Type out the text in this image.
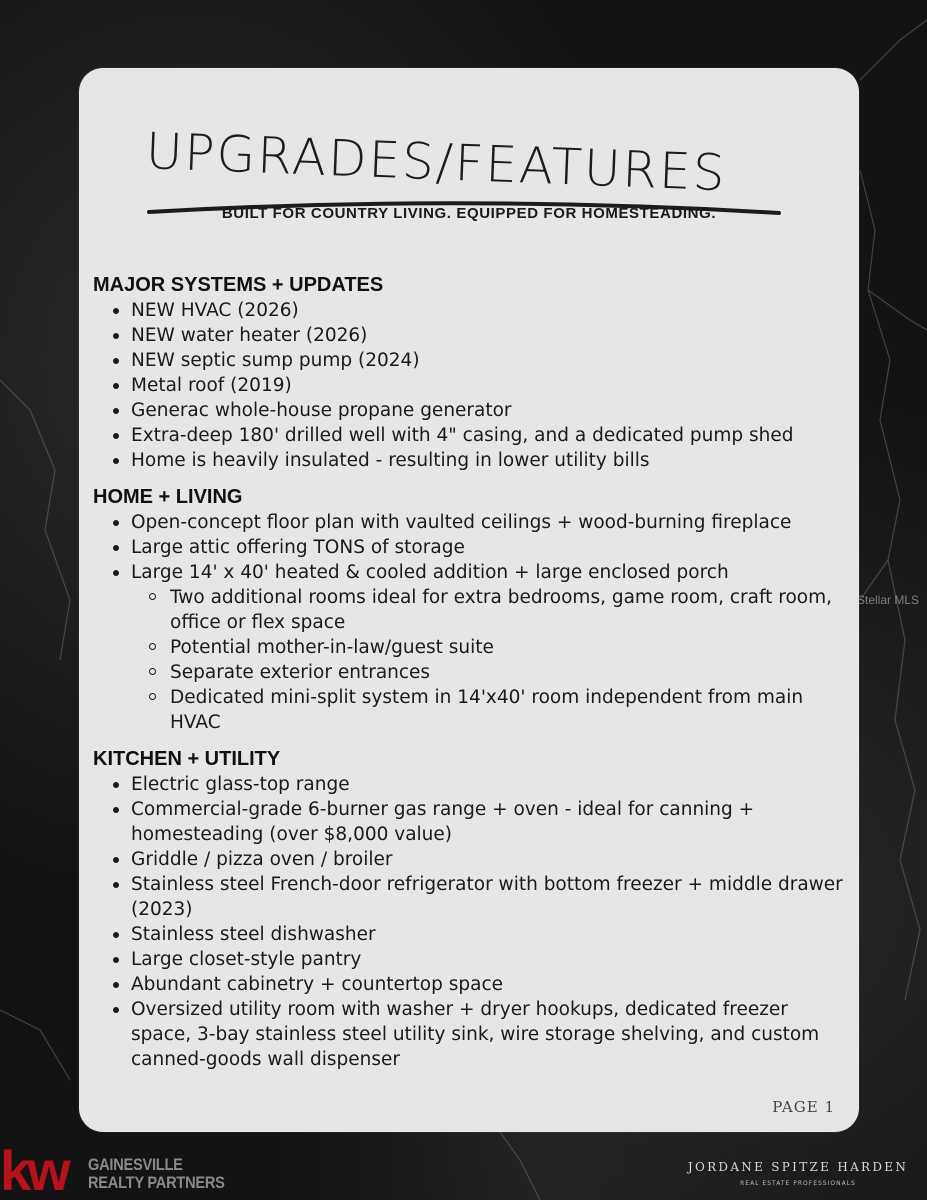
UPGRADES/FEATURES

BUILT FOR COUNTRY LIVING. EQUIPPED FOR HOMESTEADING.

MAJOR SYSTEMS + UPDATES

NEW HVAC (2026)
NEW water heater (2026)
NEW septic sump pump (2024)
Metal roof (2019)
Generac whole-house propane generator
Extra-deep 180' drilled well with 4" casing, and a dedicated pump shed
Home is heavily insulated - resulting in lower utility bills

HOME + LIVING

Open-concept floor plan with vaulted ceilings + wood-burning fireplace
Large attic offering TONS of storage
Large 14' x 40' heated & cooled addition + large enclosed porch
Two additional rooms ideal for extra bedrooms, game room, craft room, office or flex space
Potential mother-in-law/guest suite
Separate exterior entrances
Dedicated mini-split system in 14'x40' room independent from main HVAC

KITCHEN + UTILITY

Electric glass-top range
Commercial-grade 6-burner gas range + oven - ideal for canning + homesteading (over $8,000 value)
Griddle / pizza oven / broiler
Stainless steel French-door refrigerator with bottom freezer + middle drawer (2023)
Stainless steel dishwasher
Large closet-style pantry
Abundant cabinetry + countertop space
Oversized utility room with washer + dryer hookups, dedicated freezer space, 3-bay stainless steel utility sink, wire storage shelving, and custom canned-goods wall dispenser

PAGE 1

Stellar MLS

kw GAINESVILLE
REALTY PARTNERS

JORDANE SPITZE HARDEN

REAL ESTATE PROFESSIONALS
